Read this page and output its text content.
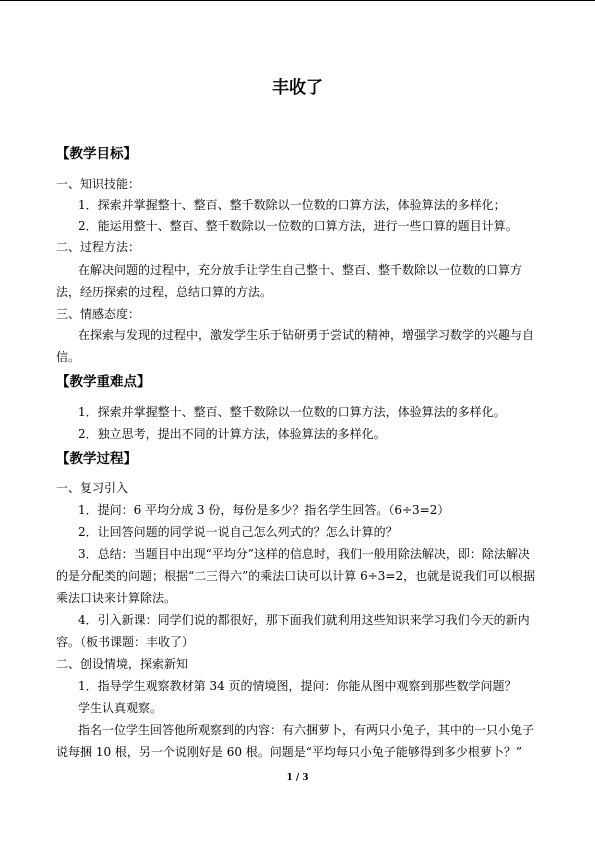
丰收了
【教学目标】
一、知识技能：
1．探索并掌握整十、整百、整千数除以一位数的口算方法，体验算法的多样化；
2．能运用整十、整百、整千数除以一位数的口算方法，进行一些口算的题目计算。
二、过程方法：
在解决问题的过程中，充分放手让学生自己整十、整百、整千数除以一位数的口算方
法，经历探索的过程，总结口算的方法。
三、情感态度：
在探索与发现的过程中，激发学生乐于钻研勇于尝试的精神，增强学习数学的兴趣与自
信。
【教学重难点】
1．探索并掌握整十、整百、整千数除以一位数的口算方法，体验算法的多样化。
2．独立思考，提出不同的计算方法，体验算法的多样化。
【教学过程】
一、复习引入
1．提问：6 平均分成 3 份，每份是多少？指名学生回答。（6÷3=2）
2．让回答问题的同学说一说自己怎么列式的？怎么计算的？
3．总结：当题目中出现“平均分”这样的信息时，我们一般用除法解决，即：除法解决
的是分配类的问题；根据“二三得六”的乘法口诀可以计算 6÷3=2，也就是说我们可以根据
乘法口诀来计算除法。
4．引入新课：同学们说的都很好，那下面我们就利用这些知识来学习我们今天的新内
容。（板书课题：丰收了）
二、创设情境，探索新知
1．指导学生观察教材第 34 页的情境图，提问：你能从图中观察到那些数学问题？
学生认真观察。
指名一位学生回答他所观察到的内容：有六捆萝卜，有两只小兔子，其中的一只小兔子
说每捆 10 根，另一个说刚好是 60 根。问题是“平均每只小兔子能够得到多少根萝卜？”
1 / 3
